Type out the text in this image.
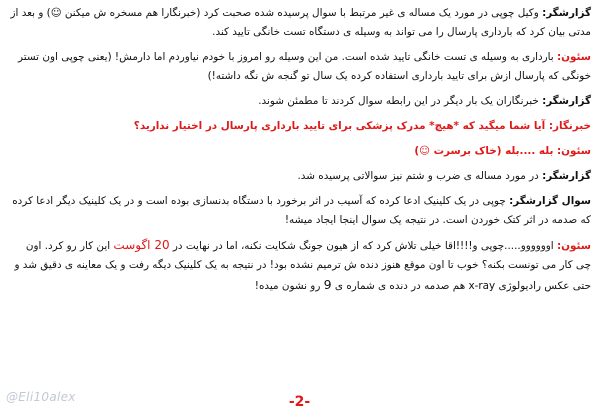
گزارشگر: وکیل چوپی در مورد یک مساله ی غیر مرتبط با سوال پرسیده شده صحبت کرد (خبرنگارا هم مسخره ش میکنن ☺) و بعد از مدتی بیان کرد که بارداری پارسال را می تواند به وسیله ی دستگاه تست خانگی تایید کند.

سئون: بارداری به وسیله ی تست خانگی تایید شده است. من این وسیله رو امروز با خودم نیاوردم اما دارمش! (یعنی چوپی اون تستر خونگی که پارسال ازش برای تایید بارداری استفاده کرده یک سال تو گنجه ش نگه داشته!)

گزارشگر: خبرنگاران یک بار دیگر در این رابطه سوال کردند تا مطمئن شوند.

خبرنگار: آیا شما میگید که *هیچ* مدرک پزشکی برای تایید بارداری پارسال در اختیار ندارید؟

سئون: بله ....بله (خاک برسرت ☺)

گزارشگر: در مورد مساله ی ضرب و شتم نیز سوالاتی پرسیده شد.

سوال گزارشگر: چوپی در یک کلینیک ادعا کرده که آسیب در اثر برخورد با دستگاه بدنسازی بوده است و در یک کلینیک دیگر ادعا کرده که صدمه در اثر کتک خوردن است. در نتیجه یک سوال اینجا ایجاد میشه!

سئون: اوووووو.....چوپی و!!!!اقا خیلی تلاش کرد که از هیون جونگ شکایت نکنه، اما در نهایت در 20 اگوست این کار رو کرد. اون چی کار می تونست بکنه؟ خوب تا اون موقع هنوز دنده ش ترمیم نشده بود! در نتیجه به یک کلینیک دیگه رفت و یک معاینه ی دقیق شد و حتی عکس رادیولوژی x-ray هم صدمه در دنده ی شماره ی 9 رو نشون میده!

@Eli10alex	-2-
